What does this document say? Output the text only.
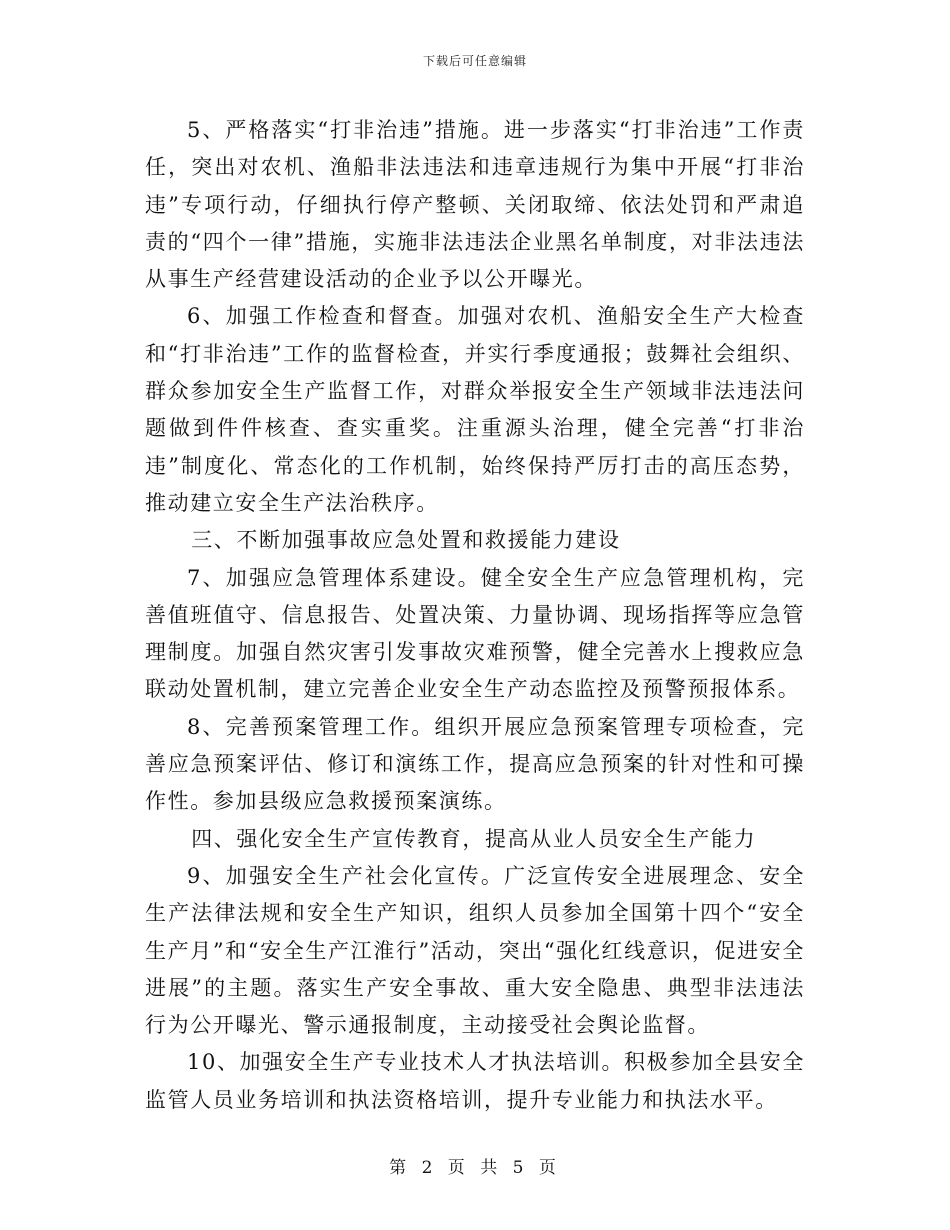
下载后可任意编辑

5、严格落实“打非治违”措施。进一步落实“打非治违”工作责任，突出对农机、渔船非法违法和违章违规行为集中开展“打非治违”专项行动，仔细执行停产整顿、关闭取缔、依法处罚和严肃追责的“四个一律”措施，实施非法违法企业黑名单制度，对非法违法从事生产经营建设活动的企业予以公开曝光。

6、加强工作检查和督查。加强对农机、渔船安全生产大检查和“打非治违”工作的监督检查，并实行季度通报；鼓舞社会组织、群众参加安全生产监督工作，对群众举报安全生产领域非法违法问题做到件件核查、查实重奖。注重源头治理，健全完善“打非治违”制度化、常态化的工作机制，始终保持严厉打击的高压态势，推动建立安全生产法治秩序。

三、不断加强事故应急处置和救援能力建设

7、加强应急管理体系建设。健全安全生产应急管理机构，完善值班值守、信息报告、处置决策、力量协调、现场指挥等应急管理制度。加强自然灾害引发事故灾难预警，健全完善水上搜救应急联动处置机制，建立完善企业安全生产动态监控及预警预报体系。

8、完善预案管理工作。组织开展应急预案管理专项检查，完善应急预案评估、修订和演练工作，提高应急预案的针对性和可操作性。参加县级应急救援预案演练。

四、强化安全生产宣传教育，提高从业人员安全生产能力

9、加强安全生产社会化宣传。广泛宣传安全进展理念、安全生产法律法规和安全生产知识，组织人员参加全国第十四个“安全生产月”和“安全生产江淮行”活动，突出“强化红线意识，促进安全进展”的主题。落实生产安全事故、重大安全隐患、典型非法违法行为公开曝光、警示通报制度，主动接受社会舆论监督。

10、加强安全生产专业技术人才执法培训。积极参加全县安全监管人员业务培训和执法资格培训，提升专业能力和执法水平。

第 2 页 共 5 页
